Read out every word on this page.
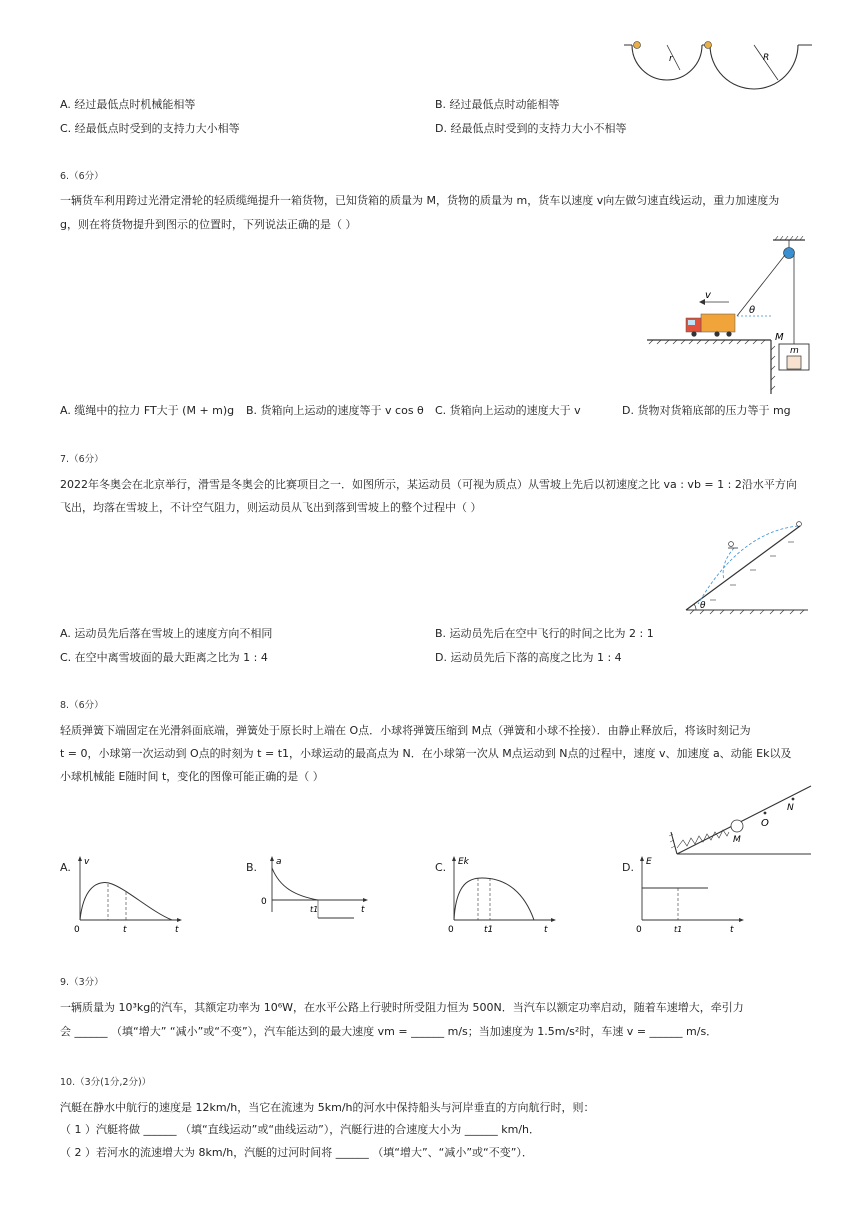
r	R
A. 经过最低点时机械能相等	B. 经过最低点时动能相等
C. 经最低点时受到的支持力大小相等	D. 经最低点时受到的支持力大小不相等
6.（6分）
一辆货车利用跨过光滑定滑轮的轻质缆绳提升一箱货物，已知货箱的质量为 M，货物的质量为 m，货车以速度 v向左做匀速直线运动，重力加速度为
g，则在将货物提升到图示的位置时，下列说法正确的是（ ）
θ
v
M
m
A. 缆绳中的拉力 FT大于 (M + m)g B. 货箱向上运动的速度等于 v cos θ C. 货箱向上运动的速度大于 v	D. 货物对货箱底部的压力等于 mg
7.（6分）
2022年冬奥会在北京举行，滑雪是冬奥会的比赛项目之一．如图所示，某运动员（可视为质点）从雪坡上先后以初速度之比 va : vb = 1 : 2沿水平方向
飞出，均落在雪坡上，不计空气阻力，则运动员从飞出到落到雪坡上的整个过程中（ ）
θ
A. 运动员先后落在雪坡上的速度方向不相同	B. 运动员先后在空中飞行的时间之比为 2 : 1
C. 在空中离雪坡面的最大距离之比为 1 : 4	D. 运动员先后下落的高度之比为 1 : 4
8.（6分）
轻质弹簧下端固定在光滑斜面底端，弹簧处于原长时上端在 O点．小球将弹簧压缩到 M点（弹簧和小球不拴接）．由静止释放后，将该时刻记为
t = 0，小球第一次运动到 O点的时刻为 t = t1，小球运动的最高点为 N．在小球第一次从 M点运动到 N点的过程中，速度 v、加速度 a、动能 Ek以及
小球机械能 E随时间 t，变化的图像可能正确的是（ ）
M
O
N
A. v
0	t	t
B. a
0
t1	t
C. Ek
0	t1	t
D. E
0	t1	t
9.（3分）
一辆质量为 10³kg的汽车，其额定功率为 10⁶W，在水平公路上行驶时所受阻力恒为 500N．当汽车以额定功率启动，随着车速增大，牵引力
会 ______ （填“增大” “减小”或“不变”），汽车能达到的最大速度 vm = ______ m/s；当加速度为 1.5m/s²时，车速 v = ______ m/s．
10.（3分(1分,2分)）
汽艇在静水中航行的速度是 12km/h，当它在流速为 5km/h的河水中保持船头与河岸垂直的方向航行时，则：
（ 1 ）汽艇将做 ______ （填“直线运动”或“曲线运动”），汽艇行进的合速度大小为 ______ km/h．
（ 2 ）若河水的流速增大为 8km/h，汽艇的过河时间将 ______ （填“增大”、“减小”或“不变”）．
